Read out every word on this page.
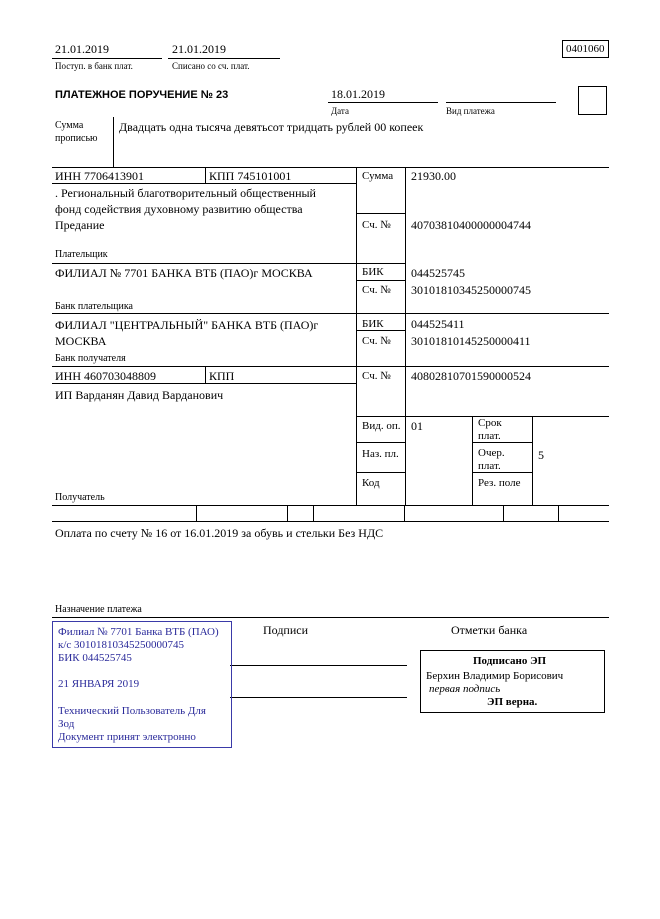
21.01.2019
Поступ. в банк плат.
21.01.2019
Списано со сч. плат.
0401060
ПЛАТЕЖНОЕ ПОРУЧЕНИЕ № 23	18.01.2019
Дата	Вид платежа
Сумма
прописью
Двадцать одна тысяча девятьсот тридцать рублей 00 копеек
ИНН 7706413901	КПП 745101001
. Региональный благотворительный общественный фонд содействия духовному развитию общества Предание
Плательщик
Сумма 21930.00
Сч. № 40703810400000004744
ФИЛИАЛ № 7701 БАНКА ВТБ (ПАО)г МОСКВА
Банк плательщика
БИК 044525745
Сч. № 30101810345250000745
ФИЛИАЛ "ЦЕНТРАЛЬНЫЙ" БАНКА ВТБ (ПАО)г МОСКВА
Банк получателя
БИК 044525411
Сч. № 30101810145250000411
ИНН 460703048809	КПП	Сч. № 40802810701590000524
ИП Варданян Давид Варданович
Получатель
Вид. оп. 01	Срок плат.
Наз. пл.	Очер. плат.
5
Код	Рез. поле
Оплата по счету № 16 от 16.01.2019 за обувь и стельки Без НДС
Назначение платежа
Подписи	Отметки банка
Филиал № 7701 Банка ВТБ (ПАО)
к/с 30101810345250000745
БИК 044525745
21 ЯНВАРЯ 2019
Технический Пользователь Для
Зод
Документ принят электронно
Подписано ЭП
Берхин Владимир Борисович
первая подпись
ЭП верна.
